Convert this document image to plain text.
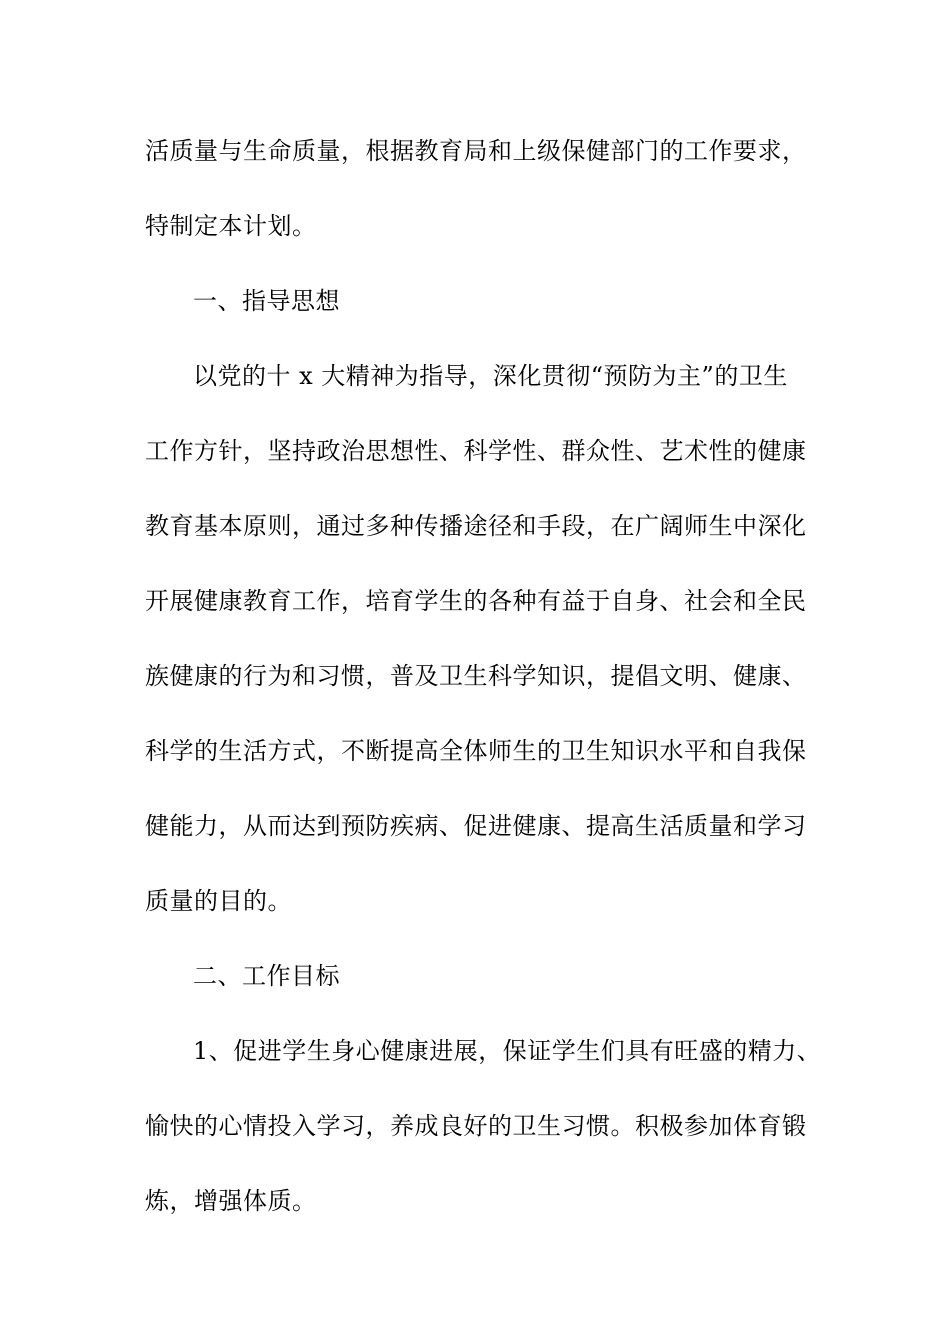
活质量与生命质量，根据教育局和上级保健部门的工作要求，
特制定本计划。
一、指导思想
以党的十 x 大精神为指导，深化贯彻“预防为主”的卫生
工作方针，坚持政治思想性、科学性、群众性、艺术性的健康
教育基本原则，通过多种传播途径和手段，在广阔师生中深化
开展健康教育工作，培育学生的各种有益于自身、社会和全民
族健康的行为和习惯，普及卫生科学知识，提倡文明、健康、
科学的生活方式，不断提高全体师生的卫生知识水平和自我保
健能力，从而达到预防疾病、促进健康、提高生活质量和学习
质量的目的。
二、工作目标
1、促进学生身心健康进展，保证学生们具有旺盛的精力、
愉快的心情投入学习，养成良好的卫生习惯。积极参加体育锻
炼，增强体质。
